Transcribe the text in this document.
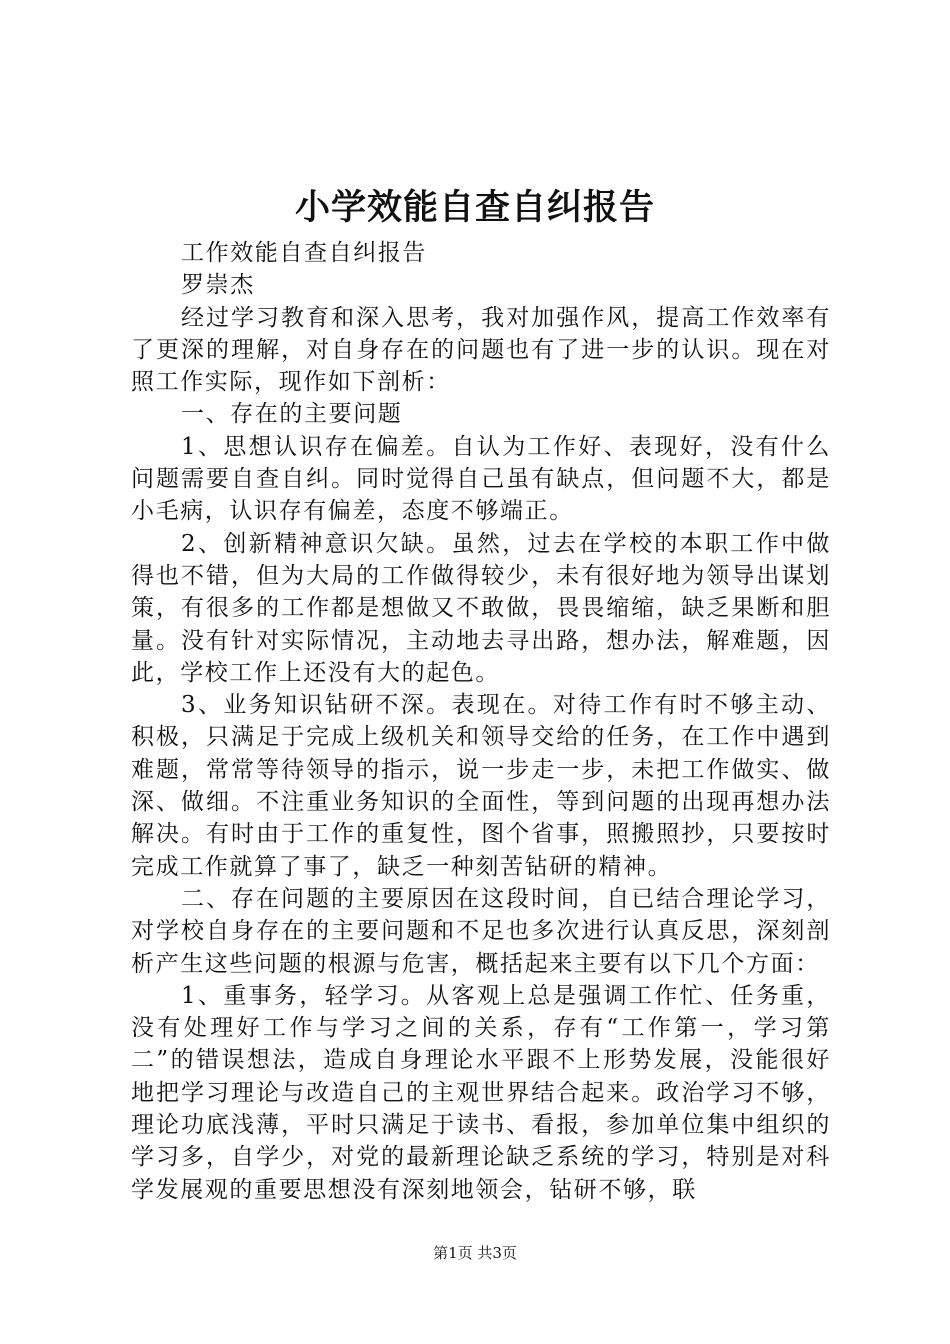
小学效能自查自纠报告

工作效能自查自纠报告

罗崇杰

经过学习教育和深入思考，我对加强作风，提高工作效率有了更深的理解，对自身存在的问题也有了进一步的认识。现在对照工作实际，现作如下剖析：

一、存在的主要问题

1、思想认识存在偏差。自认为工作好、表现好，没有什么问题需要自查自纠。同时觉得自己虽有缺点，但问题不大，都是小毛病，认识存有偏差，态度不够端正。

2、创新精神意识欠缺。虽然，过去在学校的本职工作中做得也不错，但为大局的工作做得较少，未有很好地为领导出谋划策，有很多的工作都是想做又不敢做，畏畏缩缩，缺乏果断和胆量。没有针对实际情况，主动地去寻出路，想办法，解难题，因此，学校工作上还没有大的起色。

3、业务知识钻研不深。表现在。对待工作有时不够主动、积极，只满足于完成上级机关和领导交给的任务，在工作中遇到难题，常常等待领导的指示，说一步走一步，未把工作做实、做深、做细。不注重业务知识的全面性，等到问题的出现再想办法解决。有时由于工作的重复性，图个省事，照搬照抄，只要按时完成工作就算了事了，缺乏一种刻苦钻研的精神。

二、存在问题的主要原因在这段时间，自已结合理论学习，对学校自身存在的主要问题和不足也多次进行认真反思，深刻剖析产生这些问题的根源与危害，概括起来主要有以下几个方面：

1、重事务，轻学习。从客观上总是强调工作忙、任务重，没有处理好工作与学习之间的关系，存有“工作第一，学习第二”的错误想法，造成自身理论水平跟不上形势发展，没能很好地把学习理论与改造自己的主观世界结合起来。政治学习不够，理论功底浅薄，平时只满足于读书、看报，参加单位集中组织的学习多，自学少，对党的最新理论缺乏系统的学习，特别是对科学发展观的重要思想没有深刻地领会，钻研不够，联

第1页 共3页
